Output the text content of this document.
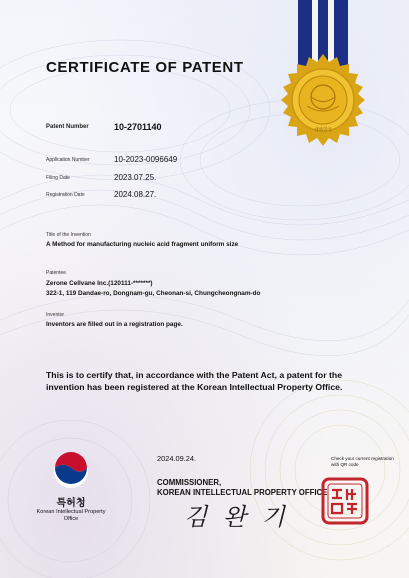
대한민국
CERTIFICATE OF PATENT
Patent Number	10-2701140
Application Number	10-2023-0096649
Filing Date	2023.07.25.
Registration Date	2024.08.27.
Title of the Invention
A Method for manufacturing nucleic acid fragment uniform size
Patentee
Zerone Cellvane Inc.(120111-*******)
322-1, 119 Dandae-ro, Dongnam-gu, Cheonan-si, Chungcheongnam-do
Inventor
Inventors are filled out in a registration page.
This is to certify that, in accordance with the Patent Act, a patent for the invention has been registered at the Korean Intellectual Property Office.
특허청
Korean Intellectual Property Office
2024.09.24.	Check your current registration with QR code
COMMISSIONER,
KOREAN INTELLECTUAL PROPERTY OFFICE
김 완 기
